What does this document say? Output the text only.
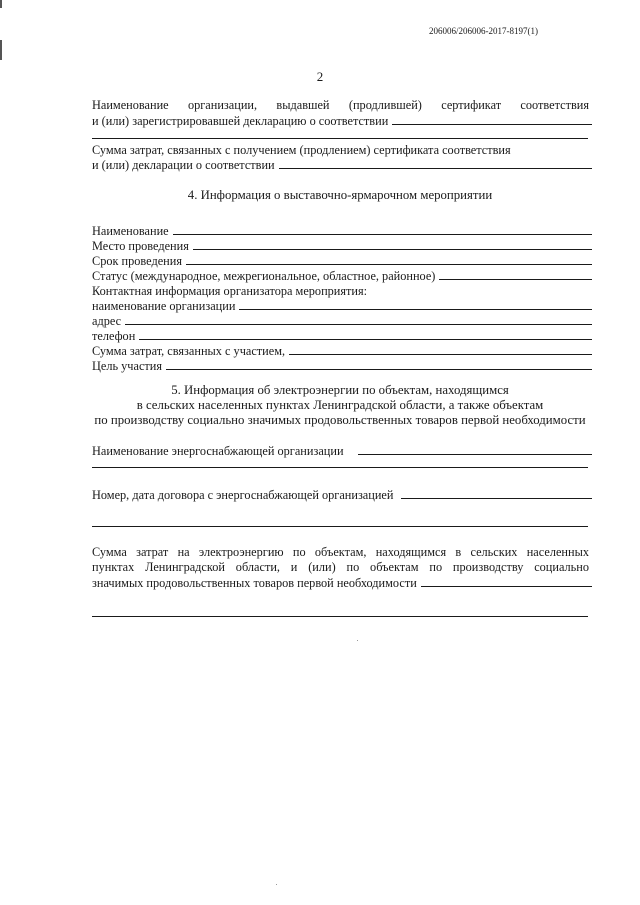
206006/206006-2017-8197(1)
2
Наименование организации, выдавшей (продлившей) сертификат соответствия
и (или) зарегистрировавшей декларацию о соответствии
Сумма затрат, связанных с получением (продлением) сертификата соответствия
и (или) декларации о соответствии
4. Информация о выставочно-ярмарочном мероприятии
Наименование
Место проведения
Срок проведения
Статус (международное, межрегиональное, областное, районное)
Контактная информация организатора мероприятия:
наименование организации
адрес
телефон
Сумма затрат, связанных с участием,
Цель участия
5. Информация об электроэнергии по объектам, находящимся
в сельских населенных пунктах Ленинградской области, а также объектам
по производству социально значимых продовольственных товаров первой необходимости
Наименование энергоснабжающей организации
Номер, дата договора с энергоснабжающей организацией
Сумма затрат на электроэнергию по объектам, находящимся в сельских населенных
пунктах Ленинградской области, и (или) по объектам по производству социально
значимых продовольственных товаров первой необходимости
